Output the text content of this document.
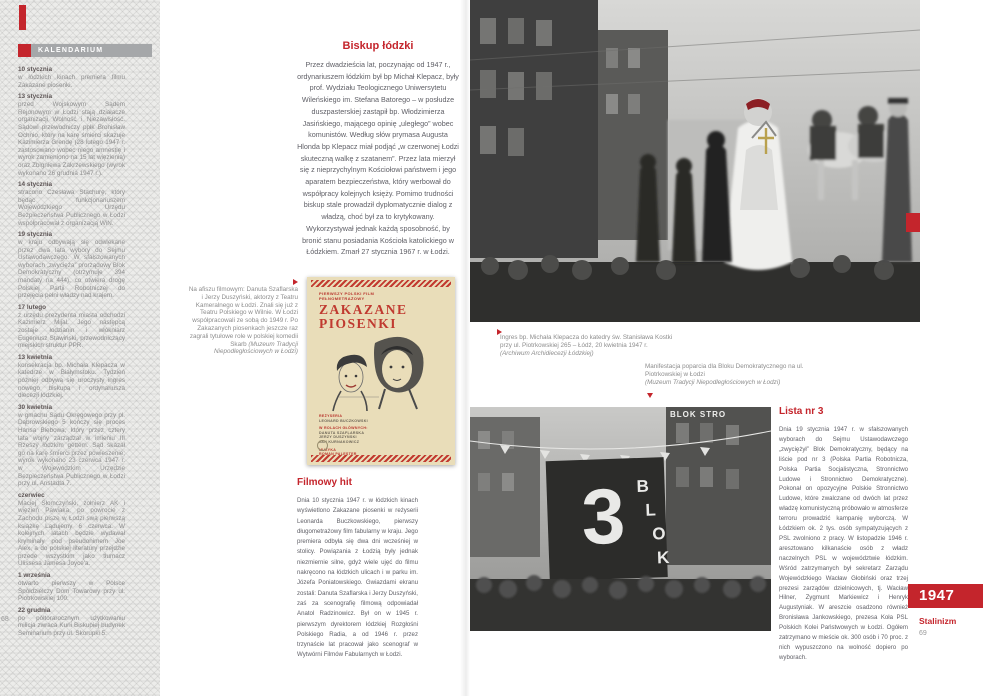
KALENDARIUM
10 stycznia
w łódzkich kinach premiera filmu Zakazane piosenki.
13 stycznia
przed Wojskowym Sądem Rejonowym w Łodzi stają działacze organizacji Wolność i Niezawisłość. Sądowi przewodniczy ppłk Bronisław Ochnio, który na karę śmierci skazuje Kazimierza Grendę (28 lutego 1947 r. zastosowano wobec niego amnestię i wyrok zamieniono na 15 lat więzienia) oraz Zbigniewa Zakrzewskiego (wyrok wykonano 26 grudnia 1947 r.).
14 stycznia
stracono Czesława Stachurę, który będąc funkcjonariuszem Wojewódzkiego Urzędu Bezpieczeństwa Publicznego w Łodzi współpracował z organizacją WiN.
19 stycznia
w kraju odbywają się odwlekane przez dwa lata wybory do Sejmu Ustawodawczego. W sfałszowanych wyborach „zwycięża” prorządowy Blok Demokratyczny (otrzymuje 394 mandaty na 444), co otwiera drogę Polskiej Partii Robotniczej do przejęcia pełni władzy nad krajem.
17 lutego
z urzędu prezydenta miasta odchodzi Kazimierz Mijal. Jego następcą zostaje łodzianin i włókniarz Eugeniusz Stawiński, przewodniczący miejskich struktur PPR.
13 kwietnia
konsekracja bp. Michała Klepacza w katedrze w Białymstoku. Tydzień później odbywa się uroczysty ingres nowego biskupa i ordynariusza diecezji łódzkiej.
30 kwietnia
w gmachu Sądu Okręgowego przy pl. Dąbrowskiego 5 kończy się proces Hansa Biebowa, który przez cztery lata wojny zarządzał w imieniu III Rzeszy łódzkim gettem. Sąd skazał go na karę śmierci przez powieszenie; wyrok wykonano 23 czerwca 1947 r. w Wojewódzkim Urzędzie Bezpieczeństwa Publicznego w Łodzi przy ul. Anstadta 7.
czerwiec
Maciej Słomczyński, żołnierz AK i więzień Pawiaka, po powrocie z Zachodu pisze w Łodzi swą pierwszą książkę Lądujemy 6 czerwca. W kolejnych latach będzie wydawał kryminały pod pseudonimem Joe Alex, a do polskiej literatury przejdzie przede wszystkim jako tłumacz Ulissesa Jamesa Joyce'a.
1 września
otwarto pierwszy w Polsce Spółdzielczy Dom Towarowy przy ul. Piotrkowskiej 100.
22 grudnia
po półtorarocznym użytkowaniu milicja zwraca Kurii Biskupiej budynek Seminarium przy ul. Skorupki 5.
68
Biskup łódzki
Przez dwadzieścia lat, poczynając od 1947 r., ordynariuszem łódzkim był bp Michał Klepacz, były prof. Wydziału Teologicznego Uniwersytetu Wileńskiego im. Stefana Batorego – w posłudze duszpasterskiej zastąpił bp. Włodzimierza Jasińskiego, mającego opinię „uległego” wobec komunistów. Według słów prymasa Augusta Hlonda bp Klepacz miał podjąć „w czerwonej Łodzi skuteczną walkę z szatanem”. Przez lata mierzył się z nieprzychylnym Kościołowi państwem i jego aparatem bezpieczeństwa, który werbował do współpracy kolejnych księży. Pomimo trudności biskup stale prowadził dyplomatycznie dialog z władzą, choć był za to krytykowany. Wykorzystywał jednak każdą sposobność, by bronić stanu posiadania Kościoła katolickiego w Łódzkiem. Zmarł 27 stycznia 1967 r. w Łodzi.
Na afiszu filmowym: Danuta Szaflarska i Jerzy Duszyński, aktorzy z Teatru Kameralnego w Łodzi. Znali się już z Teatru Polskiego w Wilnie. W Łodzi współpracowali ze sobą do 1949 r. Po Zakazanych piosenkach jeszcze raz zagrali tytułowe role w polskiej komedii Skarb (Muzeum Tradycji Niepodległościowych w Łodzi)
PIERWSZY POLSKI FILM
PEŁNOMETRAŻOWY
ZAKAZANE
PIOSENKI
REŻYSERIA
LEONARD BUCZKOWSKI
W ROLACH GŁÓWNYCH:
DANUTA SZAFLARSKA
JERZY DUSZYŃSKI
JAN KURNAKOWICZ
MUZYKA
Filmowy hit
Dnia 10 stycznia 1947 r. w łódzkich kinach wyświetlono Zakazane piosenki w reżyserii Leonarda Buczkowskiego, pierwszy długometrażowy film fabularny w kraju. Jego premiera odbyła się dwa dni wcześniej w stolicy. Powiązania z Łodzią były jednak niezmiernie silne, gdyż wiele ujęć do filmu nakręcono na łódzkich ulicach i w parku im. Józefa Poniatowskiego. Gwiazdami ekranu zostali: Danuta Szaflarska i Jerzy Duszyński, zaś za scenografię filmową odpowiadał Anatol Radzinowicz. Był on w 1945 r. pierwszym dyrektorem łódzkiej Rozgłośni Polskiego Radia, a od 1946 r. przez trzynaście lat pracował jako scenograf w Wytwórni Filmów Fabularnych w Łodzi.
Ingres bp. Michała Klepacza do katedry św. Stanisława Kostki przy ul. Piotrkowskiej 265 – Łódź, 20 kwietnia 1947 r.
(Archiwum Archidiecezji Łódzkiej)
Manifestacja poparcia dla Bloku Demokratycznego na ul. Piotrkowskiej w Łodzi
(Muzeum Tradycji Niepodległościowych w Łodzi)
BLOK STRO
3 B
L
O
K
Lista nr 3
Dnia 19 stycznia 1947 r. w sfałszowanych wyborach do Sejmu Ustawodawczego „zwyciężył” Blok Demokratyczny, będący na liście pod nr 3 (Polska Partia Robotnicza, Polska Partia Socjalistyczna, Stronnictwo Ludowe i Stronnictwo Demokratyczne). Pokonał on opozycyjne Polskie Stronnictwo Ludowe, które zwalczane od dwóch lat przez władzę komunistyczną próbowało w atmosferze terroru prowadzić kampanię wyborczą. W Łódzkiem ok. 2 tys. osób sympatyzujących z PSL zwolniono z pracy. W listopadzie 1946 r. aresztowano kilkanaście osób z władz naczelnych PSL w województwie łódzkim. Wśród zatrzymanych był sekretarz Zarządu Wojewódzkiego Wacław Głobiński oraz trzej prezesi zarządów dzielnicowych, tj. Wacław Hilner, Zygmunt Markiewicz i Henryk Augustyniak. W areszcie osadzono również Bronisława Jankowskiego, prezesa Koła PSL Polskich Kolei Państwowych w Łodzi. Ogółem zatrzymano w mieście ok. 300 osób i 70 proc. z nich wypuszczono na wolność dopiero po wyborach.
1947
Stalinizm
69
